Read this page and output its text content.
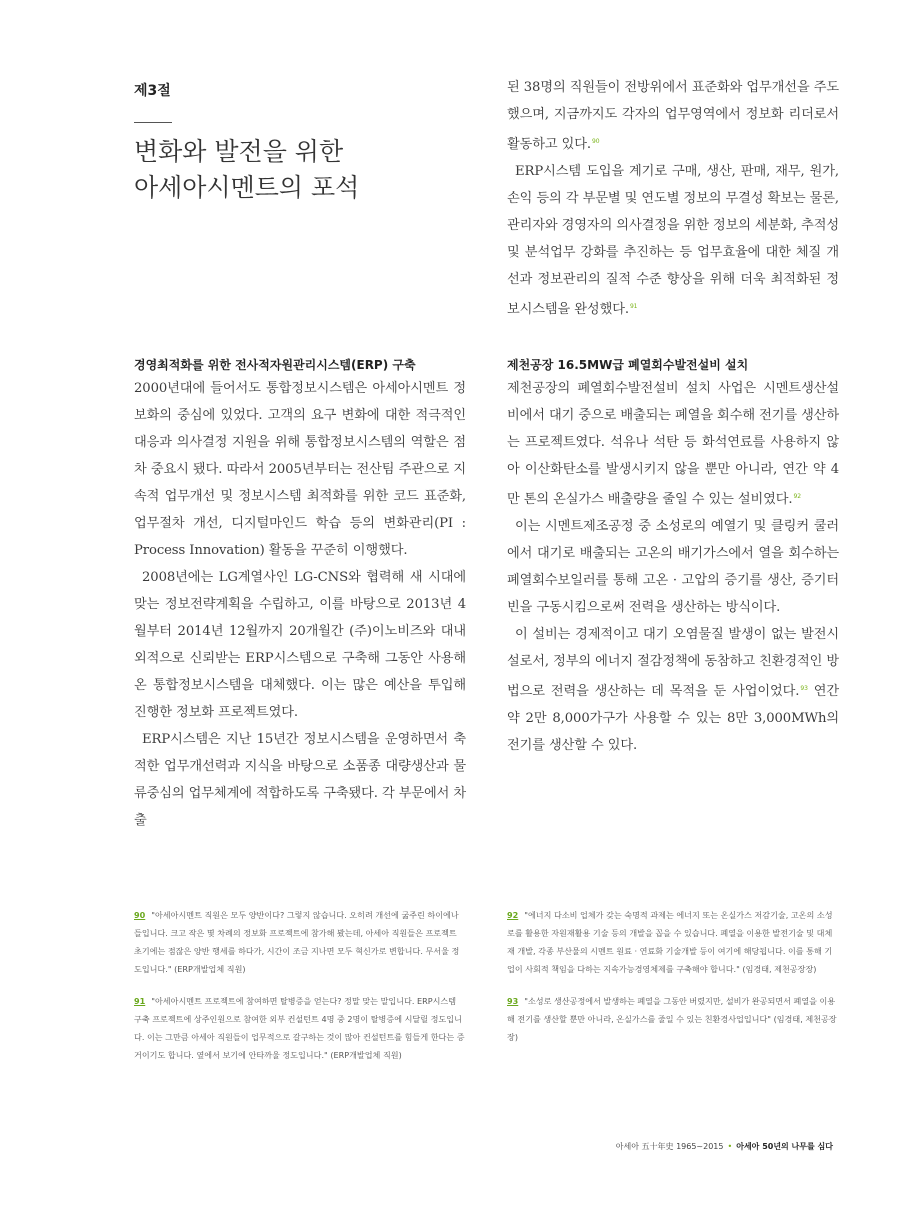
제3절
변화와 발전을 위한
아세아시멘트의 포석
경영최적화를 위한 전사적자원관리시스템(ERP) 구축

2000년대에 들어서도 통합정보시스템은 아세아시멘트 정보화의 중심에 있었다. 고객의 요구 변화에 대한 적극적인 대응과 의사결정 지원을 위해 통합정보시스템의 역할은 점차 중요시 됐다. 따라서 2005년부터는 전산팀 주관으로 지속적 업무개선 및 정보시스템 최적화를 위한 코드 표준화, 업무절차 개선, 디지털마인드 학습 등의 변화관리(PI : Process Innovation) 활동을 꾸준히 이행했다.

2008년에는 LG계열사인 LG-CNS와 협력해 새 시대에 맞는 정보전략계획을 수립하고, 이를 바탕으로 2013년 4월부터 2014년 12월까지 20개월간 (주)이노비즈와 대내외적으로 신뢰받는 ERP시스템으로 구축해 그동안 사용해온 통합정보시스템을 대체했다. 이는 많은 예산을 투입해 진행한 정보화 프로젝트였다.

ERP시스템은 지난 15년간 정보시스템을 운영하면서 축적한 업무개선력과 지식을 바탕으로 소품종 대량생산과 물류중심의 업무체계에 적합하도록 구축됐다. 각 부문에서 차출

된 38명의 직원들이 전방위에서 표준화와 업무개선을 주도했으며, 지금까지도 각자의 업무영역에서 정보화 리더로서 활동하고 있다.$^{90}$

ERP시스템 도입을 계기로 구매, 생산, 판매, 재무, 원가, 손익 등의 각 부문별 및 연도별 정보의 무결성 확보는 물론, 관리자와 경영자의 의사결정을 위한 정보의 세분화, 추적성 및 분석업무 강화를 추진하는 등 업무효율에 대한 체질 개선과 정보관리의 질적 수준 향상을 위해 더욱 최적화된 정보시스템을 완성했다.$^{91}$

제천공장 16.5MW급 폐열회수발전설비 설치

제천공장의 폐열회수발전설비 설치 사업은 시멘트생산설비에서 대기 중으로 배출되는 폐열을 회수해 전기를 생산하는 프로젝트였다. 석유나 석탄 등 화석연료를 사용하지 않아 이산화탄소를 발생시키지 않을 뿐만 아니라, 연간 약 4만 톤의 온실가스 배출량을 줄일 수 있는 설비였다.$^{92}$

이는 시멘트제조공정 중 소성로의 예열기 및 클링커 쿨러에서 대기로 배출되는 고온의 배기가스에서 열을 회수하는 폐열회수보일러를 통해 고온 · 고압의 증기를 생산, 증기터빈을 구동시킴으로써 전력을 생산하는 방식이다.

이 설비는 경제적이고 대기 오염물질 발생이 없는 발전시설로서, 정부의 에너지 절감정책에 동참하고 친환경적인 방법으로 전력을 생산하는 데 목적을 둔 사업이었다.$^{93}$ 연간 약 2만 8,000가구가 사용할 수 있는 8만 3,000MWh의 전기를 생산할 수 있다.

90 "아세아시멘트 직원은 모두 양반이다? 그렇지 않습니다. 오히려 개선에 굶주린 하이에나들입니다. 크고 작은 몇 차례의 정보화 프로젝트에 참가해 봤는데, 아세아 직원들은 프로젝트 초기에는 점잖은 양반 행세를 하다가, 시간이 조금 지나면 모두 혁신가로 변합니다. 무서울 정도입니다." (ERP개발업체 직원)

91 "아세아시멘트 프로젝트에 참여하면 탈병증을 얻는다? 정말 맞는 말입니다. ERP시스템 구축 프로젝트에 상주인원으로 참여한 외부 컨설턴트 4명 중 2명이 탈병증에 시달릴 정도입니다. 이는 그만큼 아세아 직원들이 업무적으로 갈구하는 것이 많아 컨설턴트를 힘들게 한다는 증거이기도 합니다. 옆에서 보기에 안타까울 정도입니다." (ERP개발업체 직원)

92 "에너지 다소비 업체가 갖는 숙명적 과제는 에너지 또는 온실가스 저감기술, 고온의 소성로를 활용한 자원재활용 기술 등의 개발을 꼽을 수 있습니다. 폐열을 이용한 발전기술 및 대체재 개발, 각종 부산물의 시멘트 원료 · 연료화 기술개발 등이 여기에 해당됩니다. 이를 통해 기업이 사회적 책임을 다하는 지속가능경영체제를 구축해야 합니다." (임경태, 제천공장장)

93 "소성로 생산공정에서 발생하는 폐열을 그동안 버렸지만, 설비가 완공되면서 폐열을 이용해 전기를 생산할 뿐만 아니라, 온실가스를 줄일 수 있는 친환경사업입니다" (임경태, 제천공장장)

아세아 五十年史 1965~2015 • 아세아 50년의 나무를 심다
